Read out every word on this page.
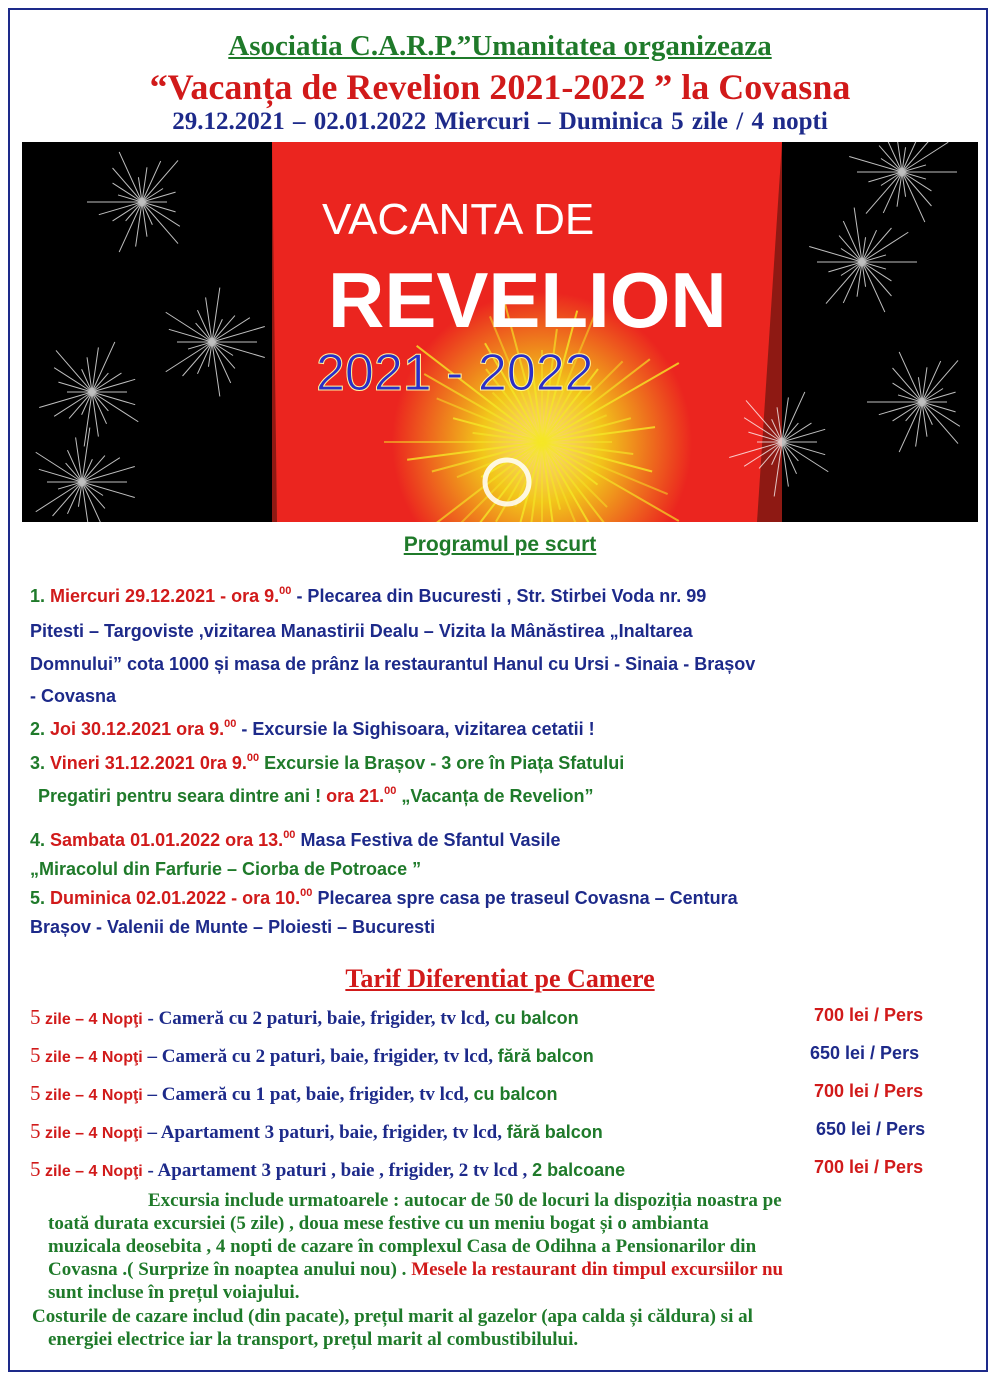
Asociatia C.A.R.P.”Umanitatea organizeaza
“Vacanța de Revelion 2021-2022 ” la Covasna
29.12.2021 – 02.01.2022 Miercuri – Duminica 5 zile / 4 nopti
VACANTA DE
REVELION
2021 - 2022
Programul pe scurt
1. Miercuri 29.12.2021 - ora 9.00 - Plecarea din Bucuresti , Str. Stirbei Voda nr. 99
Pitesti – Targoviste ,vizitarea Manastirii Dealu – Vizita la Mânăstirea „Inaltarea
Domnului” cota 1000 și masa de prânz la restaurantul Hanul cu Ursi - Sinaia - Brașov
- Covasna
2. Joi 30.12.2021 ora 9.00 - Excursie la Sighisoara, vizitarea cetatii !
3. Vineri 31.12.2021 0ra 9.00 Excursie la Brașov - 3 ore în Piața Sfatului
Pregatiri pentru seara dintre ani ! ora 21.00 „Vacanța de Revelion”
4. Sambata 01.01.2022 ora 13.00 Masa Festiva de Sfantul Vasile
„Miracolul din Farfurie – Ciorba de Potroace ”
5. Duminica 02.01.2022 - ora 10.00 Plecarea spre casa pe traseul Covasna – Centura
Brașov - Valenii de Munte – Ploiesti – Bucuresti
Tarif Diferentiat pe Camere
5 zile – 4 Nopţi - Cameră cu 2 paturi, baie, frigider, tv lcd, cu balcon	700 lei / Pers
5 zile – 4 Nopţi – Cameră cu 2 paturi, baie, frigider, tv lcd, fără balcon	650 lei / Pers
5 zile – 4 Nopţi – Cameră cu 1 pat, baie, frigider, tv lcd, cu balcon	700 lei / Pers
5 zile – 4 Nopţi – Apartament 3 paturi, baie, frigider, tv lcd, fără balcon	650 lei / Pers
5 zile – 4 Nopţi - Apartament 3 paturi , baie , frigider, 2 tv lcd , 2 balcoane	700 lei / Pers
Excursia include urmatoarele : autocar de 50 de locuri la dispoziția noastra pe
toată durata excursiei (5 zile) , doua mese festive cu un meniu bogat și o ambianta
muzicala deosebita , 4 nopti de cazare în complexul Casa de Odihna a Pensionarilor din
Covasna .( Surprize în noaptea anului nou) . Mesele la restaurant din timpul excursiilor nu
sunt incluse în prețul voiajului.
Costurile de cazare includ (din pacate), prețul marit al gazelor (apa calda și căldura) si al
energiei electrice iar la transport, prețul marit al combustibilului.
